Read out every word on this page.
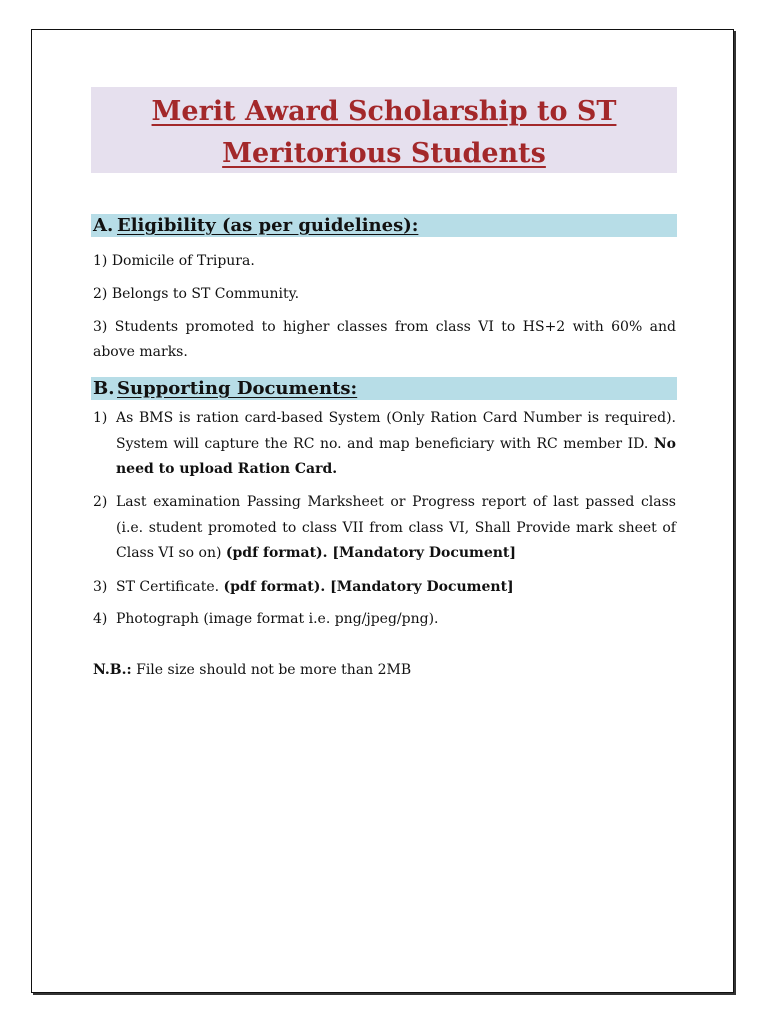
Merit Award Scholarship to ST
Meritorious Students
A. Eligibility (as per guidelines):
1) Domicile of Tripura.
2) Belongs to ST Community.
3) Students promoted to higher classes from class VI to HS+2 with 60% and above marks.
B. Supporting Documents:
1) As BMS is ration card-based System (Only Ration Card Number is required). System will capture the RC no. and map beneficiary with RC member ID. No need to upload Ration Card.
2) Last examination Passing Marksheet or Progress report of last passed class (i.e. student promoted to class VII from class VI, Shall Provide mark sheet of Class VI so on) (pdf format). [Mandatory Document]
3) ST Certificate. (pdf format). [Mandatory Document]
4) Photograph (image format i.e. png/jpeg/png).
N.B.: File size should not be more than 2MB
